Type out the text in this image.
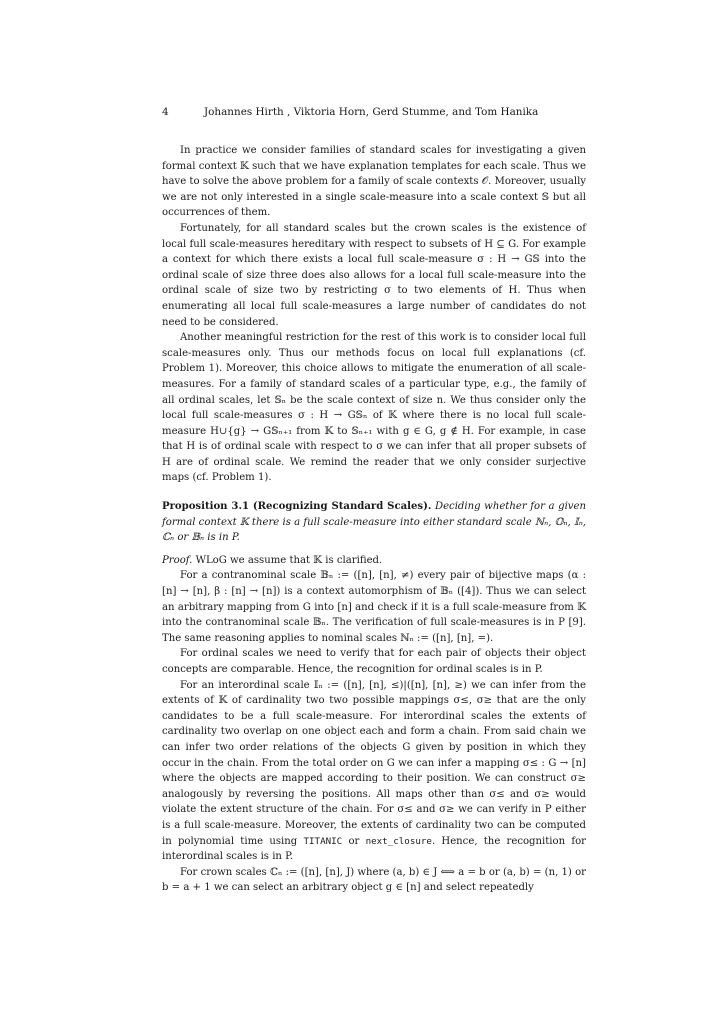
4	Johannes Hirth , Viktoria Horn, Gerd Stumme, and Tom Hanika

In practice we consider families of standard scales for investigating a given formal context 𝕂 such that we have explanation templates for each scale. Thus we have to solve the above problem for a family of scale contexts 𝒪. Moreover, usually we are not only interested in a single scale-measure into a scale context 𝕊 but all occurrences of them.

Fortunately, for all standard scales but the crown scales is the existence of local full scale-measures hereditary with respect to subsets of H ⊆ G. For example a context for which there exists a local full scale-measure σ : H → G𝕊 into the ordinal scale of size three does also allows for a local full scale-measure into the ordinal scale of size two by restricting σ to two elements of H. Thus when enumerating all local full scale-measures a large number of candidates do not need to be considered.

Another meaningful restriction for the rest of this work is to consider local full scale-measures only. Thus our methods focus on local full explanations (cf. Problem 1). Moreover, this choice allows to mitigate the enumeration of all scale-measures. For a family of standard scales of a particular type, e.g., the family of all ordinal scales, let 𝕊ₙ be the scale context of size n. We thus consider only the local full scale-measures σ : H → G𝕊ₙ of 𝕂 where there is no local full scale-measure H∪{g} → G𝕊ₙ₊₁ from 𝕂 to 𝕊ₙ₊₁ with g ∈ G, g ∉ H. For example, in case that H is of ordinal scale with respect to σ we can infer that all proper subsets of H are of ordinal scale. We remind the reader that we only consider surjective maps (cf. Problem 1).

Proposition 3.1 (Recognizing Standard Scales). Deciding whether for a given formal context 𝕂 there is a full scale-measure into either standard scale ℕₙ, 𝕆ₙ, 𝕀ₙ, ℂₙ or 𝔹ₙ is in P.

Proof. WLoG we assume that 𝕂 is clarified.

For a contranominal scale 𝔹ₙ := ([n], [n], ≠) every pair of bijective maps (α : [n] → [n], β : [n] → [n]) is a context automorphism of 𝔹ₙ ([4]). Thus we can select an arbitrary mapping from G into [n] and check if it is a full scale-measure from 𝕂 into the contranominal scale 𝔹ₙ. The verification of full scale-measures is in P [9]. The same reasoning applies to nominal scales ℕₙ := ([n], [n], =).

For ordinal scales we need to verify that for each pair of objects their object concepts are comparable. Hence, the recognition for ordinal scales is in P.

For an interordinal scale 𝕀ₙ := ([n], [n], ≤)|([n], [n], ≥) we can infer from the extents of 𝕂 of cardinality two two possible mappings σ≤, σ≥ that are the only candidates to be a full scale-measure. For interordinal scales the extents of cardinality two overlap on one object each and form a chain. From said chain we can infer two order relations of the objects G given by position in which they occur in the chain. From the total order on G we can infer a mapping σ≤ : G → [n] where the objects are mapped according to their position. We can construct σ≥ analogously by reversing the positions. All maps other than σ≤ and σ≥ would violate the extent structure of the chain. For σ≤ and σ≥ we can verify in P either is a full scale-measure. Moreover, the extents of cardinality two can be computed in polynomial time using TITANIC or next_closure. Hence, the recognition for interordinal scales is in P.

For crown scales ℂₙ := ([n], [n], J) where (a, b) ∈ J ⟺ a = b or (a, b) = (n, 1) or b = a + 1 we can select an arbitrary object g ∈ [n] and select repeatedly
